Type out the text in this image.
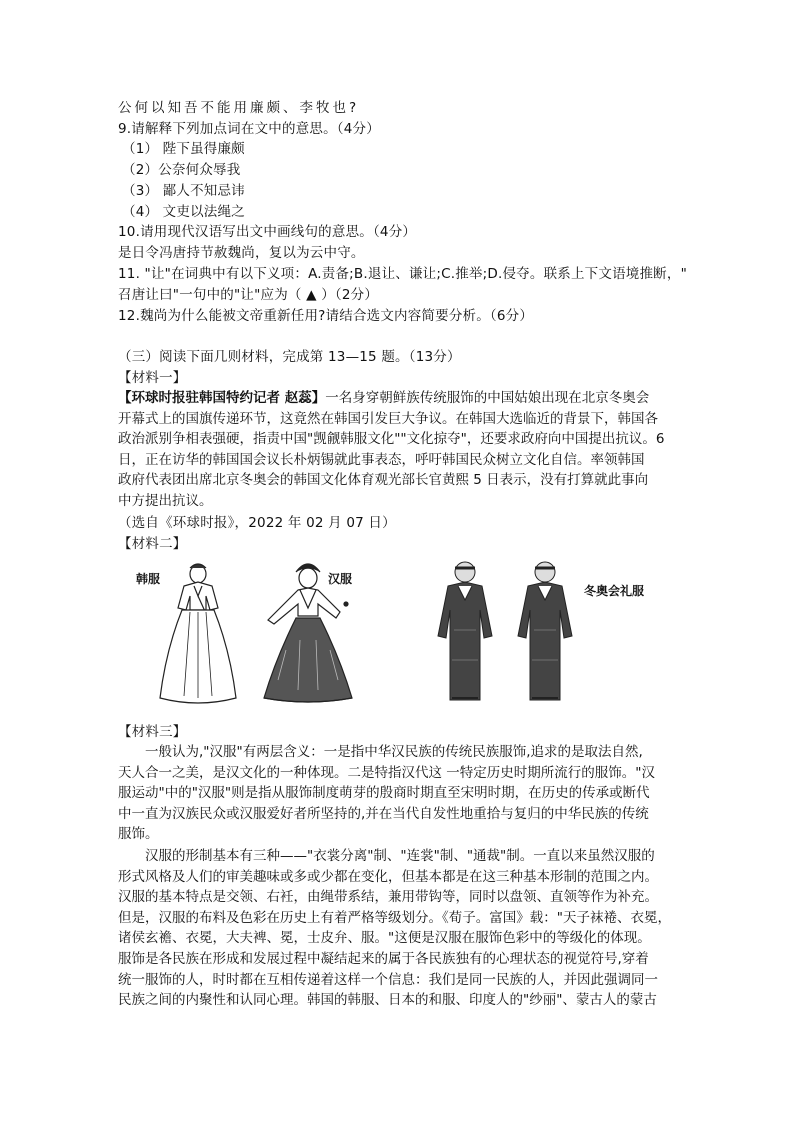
公何以知吾不能用廉颇、李牧也?
9.请解释下列加点词在文中的意思。（4分）
（1） 陛下虽得廉颇
（2）公奈何众辱我
（3） 鄙人不知忌讳
（4） 文吏以法绳之
10.请用现代汉语写出文中画线句的意思。（4分）
是日令冯唐持节赦魏尚，复以为云中守。
11. "让"在词典中有以下义项：A.责备;B.退让、谦让;C.推举;D.侵夺。联系上下文语境推断，"
召唐让曰"一句中的"让"应为（ ▲ ）（2分）
12.魏尚为什么能被文帝重新任用?请结合选文内容简要分析。（6分）
（三）阅读下面几则材料，完成第 13—15 题。（13分）
【材料一】

【环球时报驻韩国特约记者 赵蕊】一名身穿朝鲜族传统服饰的中国姑娘出现在北京冬奥会

开幕式上的国旗传递环节，这竟然在韩国引发巨大争议。在韩国大选临近的背景下，韩国各

政治派别争相表强硬，指责中国"觊觎韩服文化""文化掠夺"，还要求政府向中国提出抗议。6

日，正在访华的韩国国会议长朴炳锡就此事表态，呼吁韩国民众树立文化自信。率领韩国

政府代表团出席北京冬奥会的韩国文化体育观光部长官黄熙 5 日表示，没有打算就此事向

中方提出抗议。

（选自《环球时报》，2022 年 02 月 07 日）
【材料二】
韩服	汉服
冬奥会礼服
【材料三】

一般认为,"汉服"有两层含义：一是指中华汉民族的传统民族服饰,追求的是取法自然,

天人合一之美，是汉文化的一种体现。二是特指汉代这 一特定历史时期所流行的服饰。"汉

服运动"中的"汉服"则是指从服饰制度萌芽的殷商时期直至宋明时期，在历史的传承或断代

中一直为汉族民众或汉服爱好者所坚持的,并在当代自发性地重拾与复归的中华民族的传统

服饰。

汉服的形制基本有三种——"衣裳分离"制、"连裳"制、"通裁"制。一直以来虽然汉服的

形式风格及人们的审美趣味或多或少都在变化，但基本都是在这三种基本形制的范围之内。

汉服的基本特点是交领、右衽，由绳带系结，兼用带钩等，同时以盘领、直领等作为补充。

但是，汉服的布料及色彩在历史上有着严格等级划分。《荀子。富国》载："天子袜裷、衣冕，

诸侯玄襜、衣冕，大夫裨、冕，士皮弁、服。"这便是汉服在服饰色彩中的等级化的体现。

服饰是各民族在形成和发展过程中凝结起来的属于各民族独有的心理状态的视觉符号,穿着

统一服饰的人，时时都在互相传递着这样一个信息：我们是同一民族的人，并因此强调同一

民族之间的内聚性和认同心理。韩国的韩服、日本的和服、印度人的"纱丽"、蒙古人的蒙古
